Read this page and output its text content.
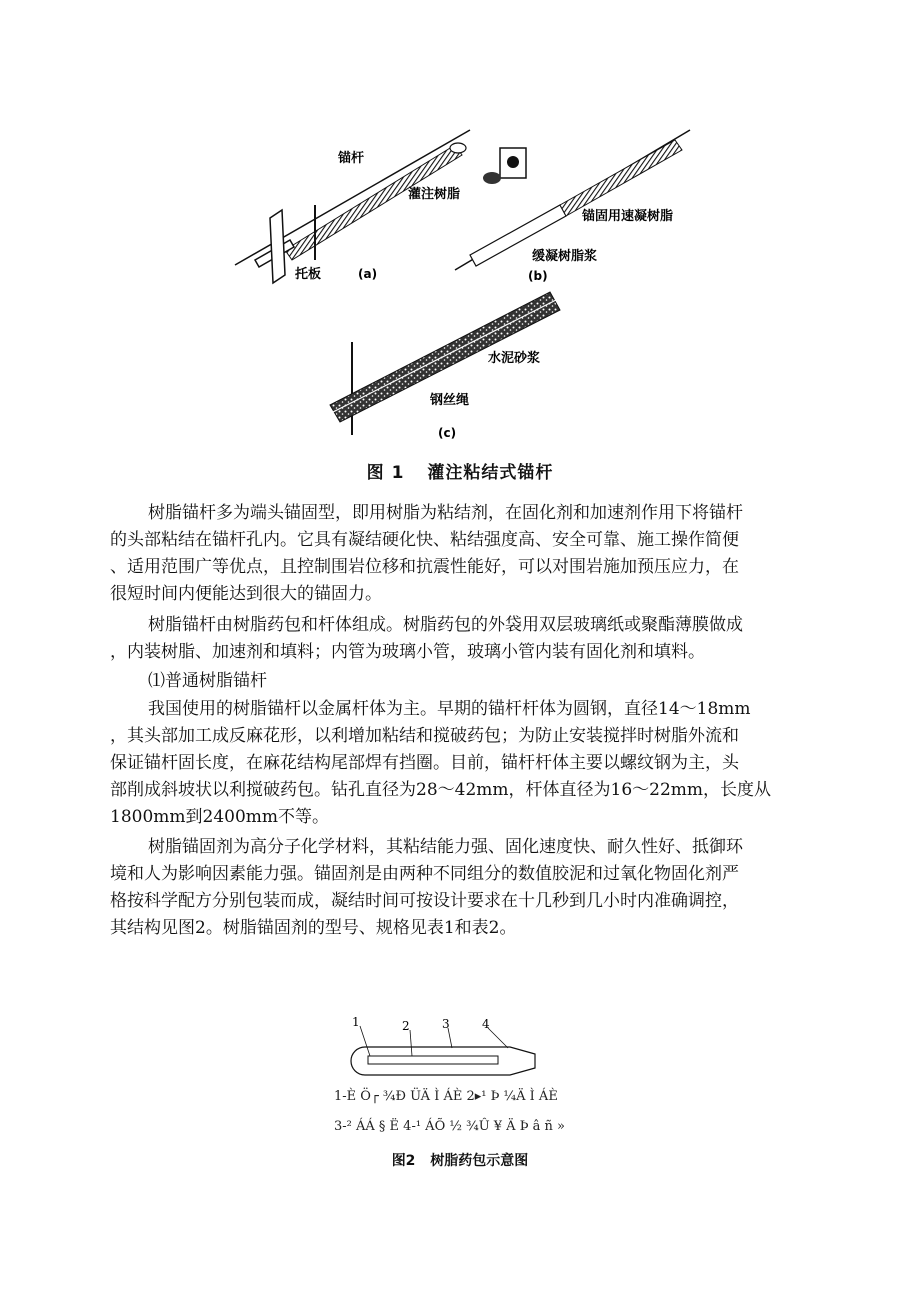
锚杆
灌注树脂
托板	(a)
锚固用速凝树脂
缓凝树脂浆
(b)
水泥砂浆
钢丝绳
(c)
图 1 灌注粘结式锚杆
树脂锚杆多为端头锚固型，即用树脂为粘结剂，在固化剂和加速剂作用下将锚杆
的头部粘结在锚杆孔内。它具有凝结硬化快、粘结强度高、安全可靠、施工操作简便
、适用范围广等优点，且控制围岩位移和抗震性能好，可以对围岩施加预压应力，在
很短时间内便能达到很大的锚固力。
树脂锚杆由树脂药包和杆体组成。树脂药包的外袋用双层玻璃纸或聚酯薄膜做成
，内装树脂、加速剂和填料；内管为玻璃小管，玻璃小管内装有固化剂和填料。
⑴普通树脂锚杆
我国使用的树脂锚杆以金属杆体为主。早期的锚杆杆体为圆钢，直径14～18mm
，其头部加工成反麻花形，以利增加粘结和搅破药包；为防止安装搅拌时树脂外流和
保证锚杆固长度，在麻花结构尾部焊有挡圈。目前，锚杆杆体主要以螺纹钢为主，头
部削成斜坡状以利搅破药包。钻孔直径为28～42mm，杆体直径为16～22mm，长度从
1800mm到2400mm不等。
树脂锚固剂为高分子化学材料，其粘结能力强、固化速度快、耐久性好、抵御环
境和人为影响因素能力强。锚固剂是由两种不同组分的数值胶泥和过氧化物固化剂严
格按科学配方分别包装而成，凝结时间可按设计要求在十几秒到几小时内准确调控，
其结构见图2。树脂锚固剂的型号、规格见表1和表2。
1	2	3	4
1-È Ö┌ ¾Ð ÜÄ Ì ÁÈ 2▸¹ Þ ¼Ä Ì ÁÈ
3-² ÁÁ § Ë 4-¹ ÁÕ ½ ¾Û ¥ Ä Þ â ñ »
图2 树脂药包示意图
